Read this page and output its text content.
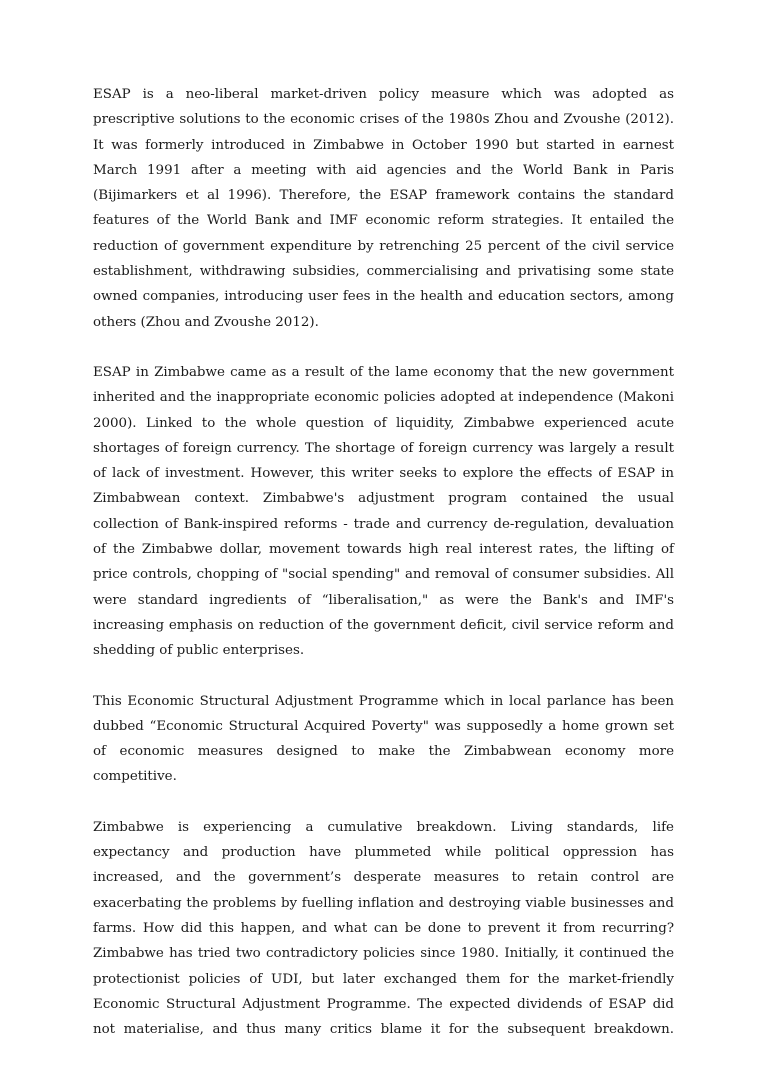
ESAP is a neo-liberal market-driven policy measure which was adopted as prescriptive solutions to the economic crises of the 1980s Zhou and Zvoushe (2012). It was formerly introduced in Zimbabwe in October 1990 but started in earnest March 1991 after a meeting with aid agencies and the World Bank in Paris (Bijimarkers et al 1996). Therefore, the ESAP framework contains the standard features of the World Bank and IMF economic reform strategies. It entailed the reduction of government expenditure by retrenching 25 percent of the civil service establishment, withdrawing subsidies, commercialising and privatising some state owned companies, introducing user fees in the health and education sectors, among others (Zhou and Zvoushe 2012).

ESAP in Zimbabwe came as a result of the lame economy that the new government inherited and the inappropriate economic policies adopted at independence (Makoni 2000). Linked to the whole question of liquidity, Zimbabwe experienced acute shortages of foreign currency. The shortage of foreign currency was largely a result of lack of investment. However, this writer seeks to explore the effects of ESAP in Zimbabwean context. Zimbabwe's adjustment program contained the usual collection of Bank-inspired reforms - trade and currency de-regulation, devaluation of the Zimbabwe dollar, movement towards high real interest rates, the lifting of price controls, chopping of "social spending" and removal of consumer subsidies. All were standard ingredients of “liberalisation," as were the Bank's and IMF's increasing emphasis on reduction of the government deficit, civil service reform and shedding of public enterprises.

This Economic Structural Adjustment Programme which in local parlance has been dubbed “Economic Structural Acquired Poverty" was supposedly a home grown set of economic measures designed to make the Zimbabwean economy more competitive.

Zimbabwe is experiencing a cumulative breakdown. Living standards, life expectancy and production have plummeted while political oppression has increased, and the government’s desperate measures to retain control are exacerbating the problems by fuelling inflation and destroying viable businesses and farms. How did this happen, and what can be done to prevent it from recurring? Zimbabwe has tried two contradictory policies since 1980. Initially, it continued the protectionist policies of UDI, but later exchanged them for the market-friendly Economic Structural Adjustment Programme. The expected dividends of ESAP did not materialise, and thus many critics blame it for the subsequent breakdown.
